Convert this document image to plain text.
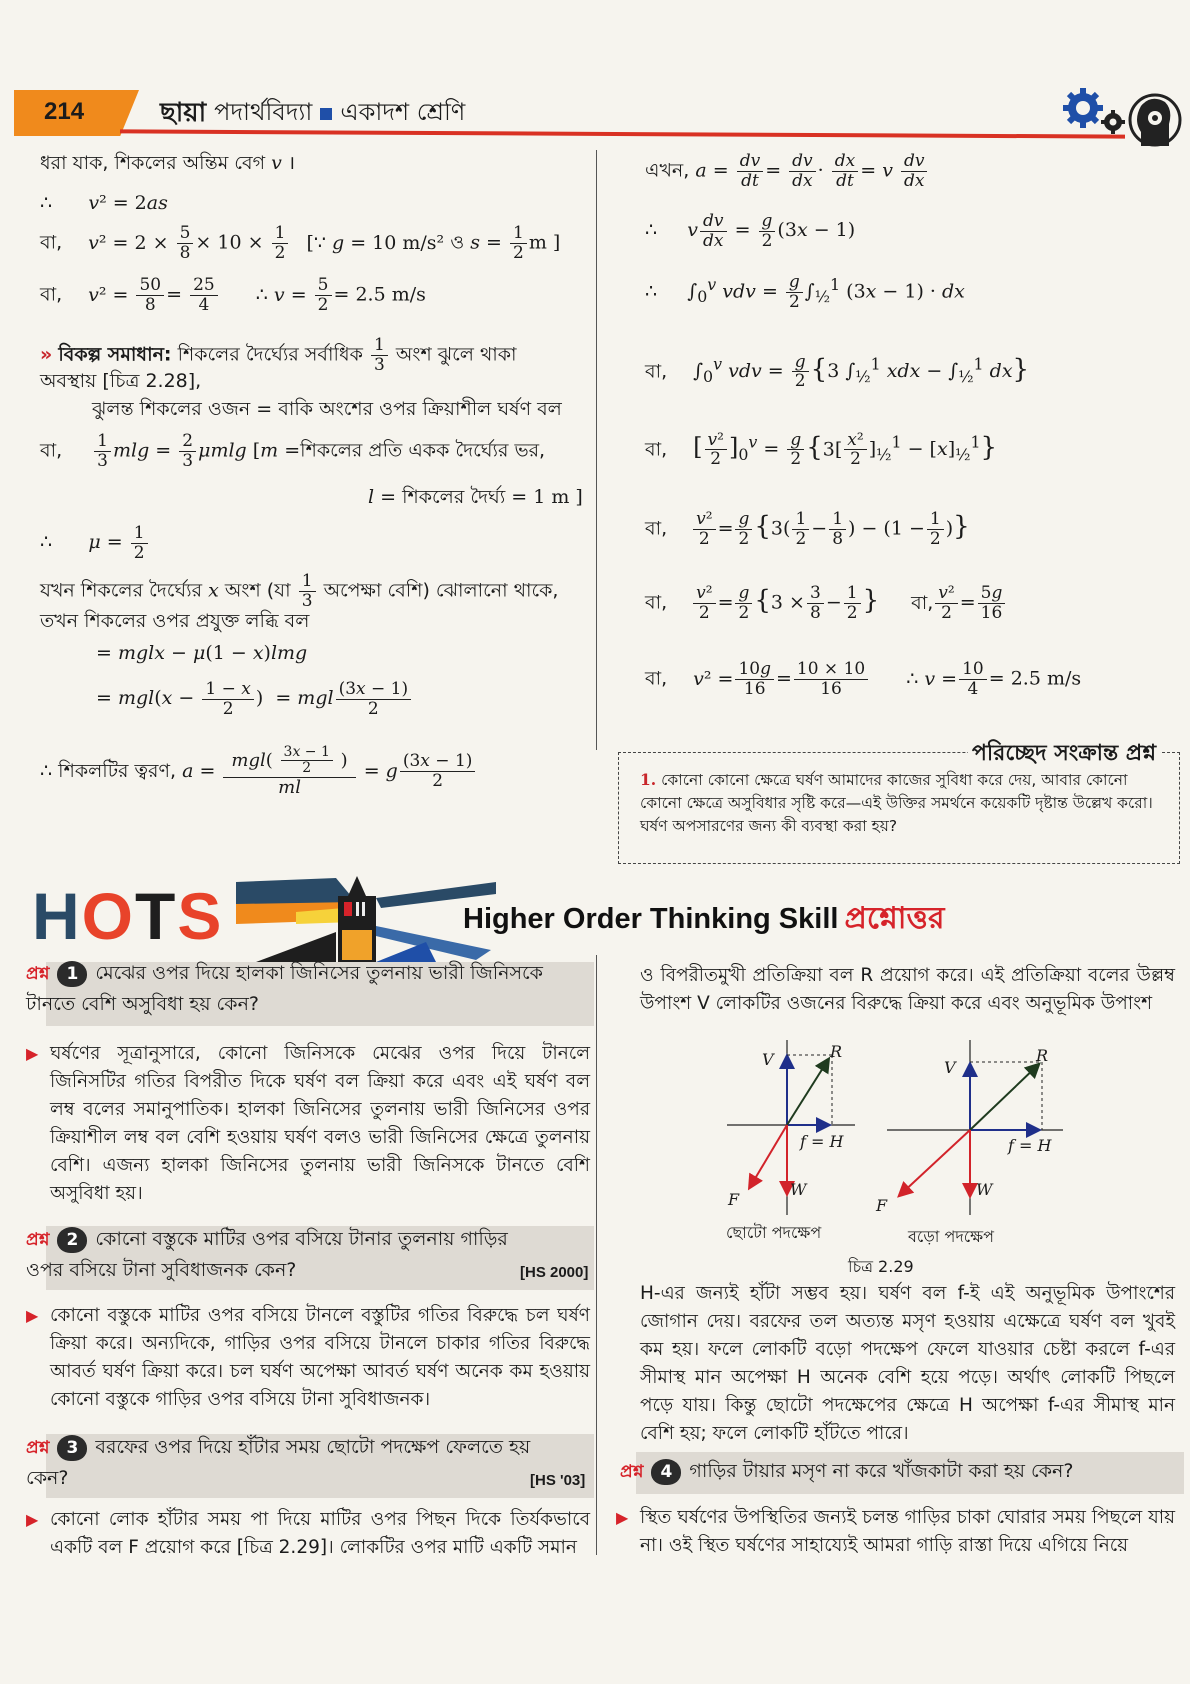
214	ছায়া পদার্থবিদ্যা একাদশ শ্রেণি
ধরা যাক, শিকলের অন্তিম বেগ v ।
∴      v² = 2as
বা, $v^2 = 2 \times \frac{5}{8} \times 10 \times \frac{1}{2}$ [∵ g = 10 m/s² ও $s = \frac{1}{2}$ m ]
বা, $v^2 = \frac{50}{8} = \frac{25}{4}$ ∴ $v = \frac{5}{2} = 2.5$ m/s
» বিকল্প সমাধান: শিকলের দৈর্ঘ্যের সর্বাধিক $\frac{1}{3}$ অংশ ঝুলে থাকা
অবস্থায় [চিত্র 2.28],
ঝুলন্ত শিকলের ওজন = বাকি অংশের ওপর ক্রিয়াশীল ঘর্ষণ বল
বা, $\frac{1}{3}$ $mlg = \frac{2}{3}$ μmlg [m =শিকলের প্রতি একক দৈর্ঘ্যের ভর,
l = শিকলের দৈর্ঘ্য = 1 m ]
∴      $\mu = \frac{1}{2}$
যখন শিকলের দৈর্ঘ্যের x অংশ (যা $\frac{1}{3}$ অপেক্ষা বেশি) ঝোলানো থাকে,
তখন শিকলের ওপর প্রযুক্ত লব্ধি বল
= mglx − μ(1 − x)lmg
= $mgl(x - \frac{1 - x}{2}$ )  = mgl $\frac{(3x - 1)}{2}$
∴ শিকলটির ত্বরণ, $a = \frac{mgl( \frac{3x - 1}{2} )}{ml} = g \frac{(3x - 1)}{2}$
এখন, $a = \frac{dv}{dt} = \frac{dv}{dx} \cdot \frac{dx}{dt} = v \frac{dv}{dx}$
∴     v $\frac{dv}{dx} = \frac{g}{2} (3x - 1)$
∴     $\int_0^v$ vdv = $\frac{g}{2} \int_{\frac{1}{2}}^1$ (3x − 1) · dx
বা, $\int_0^v$ vdv = $\frac{g}{2} \{3$ $\int_{\frac{1}{2}}^1$ xdx − $\int_{\frac{1}{2}}^1$ dx}
বা, [ $\frac{\text{v²}}{2} ]_0^v = \frac{g}{2} \{3[ \frac{\text{x²}}{2} ]_{\frac{1}{2}}^1 - [x]_{\frac{1}{2}}^1\}$
বা, $\frac{\text{v²}}{2} = \frac{g}{2} \{3( \frac{1}{2} - \frac{1}{8}$ ) − ($1 - \frac{1}{2}$ )}
বা, $\frac{\text{v²}}{2} = \frac{g}{2} \{3 \times \frac{3}{8} - \frac{1}{2}$ } বা, $\frac{\text{v²}}{2} = \frac{5g}{16}$
বা, $v^2 = \frac{10g}{16} = \frac{10 \times 10}{16}$ ∴ $v = \frac{10}{4} = 2.5$ m/s
পরিচ্ছেদ সংক্রান্ত প্রশ্ন
1. কোনো কোনো ক্ষেত্রে ঘর্ষণ আমাদের কাজের সুবিধা করে দেয়, আবার কোনো কোনো ক্ষেত্রে অসুবিধার সৃষ্টি করে—এই উক্তির সমর্থনে কয়েকটি দৃষ্টান্ত উল্লেখ করো। ঘর্ষণ অপসারণের জন্য কী ব্যবস্থা করা হয়?
HOTS	Higher Order Thinking Skill প্রশ্নোত্তর
প্রশ্ন 1 মেঝের ওপর দিয়ে হালকা জিনিসের তুলনায় ভারী জিনিসকে টানতে বেশি অসুবিধা হয় কেন?
▶ ঘর্ষণের সূত্রানুসারে, কোনো জিনিসকে মেঝের ওপর দিয়ে টানলে জিনিসটির গতির বিপরীত দিকে ঘর্ষণ বল ক্রিয়া করে এবং এই ঘর্ষণ বল লম্ব বলের সমানুপাতিক। হালকা জিনিসের তুলনায় ভারী জিনিসের ওপর ক্রিয়াশীল লম্ব বল বেশি হওয়ায় ঘর্ষণ বলও ভারী জিনিসের ক্ষেত্রে তুলনায় বেশি। এজন্য হালকা জিনিসের তুলনায় ভারী জিনিসকে টানতে বেশি অসুবিধা হয়।
প্রশ্ন 2 কোনো বস্তুকে মাটির ওপর বসিয়ে টানার তুলনায় গাড়ির ওপর বসিয়ে টানা সুবিধাজনক কেন?	[HS 2000]
▶ কোনো বস্তুকে মাটির ওপর বসিয়ে টানলে বস্তুটির গতির বিরুদ্ধে চল ঘর্ষণ ক্রিয়া করে। অন্যদিকে, গাড়ির ওপর বসিয়ে টানলে চাকার গতির বিরুদ্ধে আবর্ত ঘর্ষণ ক্রিয়া করে। চল ঘর্ষণ অপেক্ষা আবর্ত ঘর্ষণ অনেক কম হওয়ায় কোনো বস্তুকে গাড়ির ওপর বসিয়ে টানা সুবিধাজনক।
প্রশ্ন 3 বরফের ওপর দিয়ে হাঁটার সময় ছোটো পদক্ষেপ ফেলতে হয় কেন?	[HS '03]
▶ কোনো লোক হাঁটার সময় পা দিয়ে মাটির ওপর পিছন দিকে তির্যকভাবে একটি বল F প্রয়োগ করে [চিত্র 2.29]। লোকটির ওপর মাটি একটি সমান
ও বিপরীতমুখী প্রতিক্রিয়া বল R প্রয়োগ করে। এই প্রতিক্রিয়া বলের উল্লম্ব উপাংশ V লোকটির ওজনের বিরুদ্ধে ক্রিয়া করে এবং অনুভূমিক উপাংশ
V	R
f = H
F
W
ছোটো পদক্ষেপ
V
R
f = H
F
W
বড়ো পদক্ষেপ
চিত্র 2.29
H-এর জন্যই হাঁটা সম্ভব হয়। ঘর্ষণ বল f-ই এই অনুভূমিক উপাংশের জোগান দেয়। বরফের তল অত্যন্ত মসৃণ হওয়ায় এক্ষেত্রে ঘর্ষণ বল খুবই কম হয়। ফলে লোকটি বড়ো পদক্ষেপ ফেলে যাওয়ার চেষ্টা করলে f-এর সীমাস্থ মান অপেক্ষা H অনেক বেশি হয়ে পড়ে। অর্থাৎ লোকটি পিছলে পড়ে যায়। কিন্তু ছোটো পদক্ষেপের ক্ষেত্রে H অপেক্ষা f-এর সীমাস্থ মান বেশি হয়; ফলে লোকটি হাঁটতে পারে।
প্রশ্ন 4 গাড়ির টায়ার মসৃণ না করে খাঁজকাটা করা হয় কেন?
▶ স্থিত ঘর্ষণের উপস্থিতির জন্যই চলন্ত গাড়ির চাকা ঘোরার সময় পিছলে যায় না। ওই স্থিত ঘর্ষণের সাহায্যেই আমরা গাড়ি রাস্তা দিয়ে এগিয়ে নিয়ে
